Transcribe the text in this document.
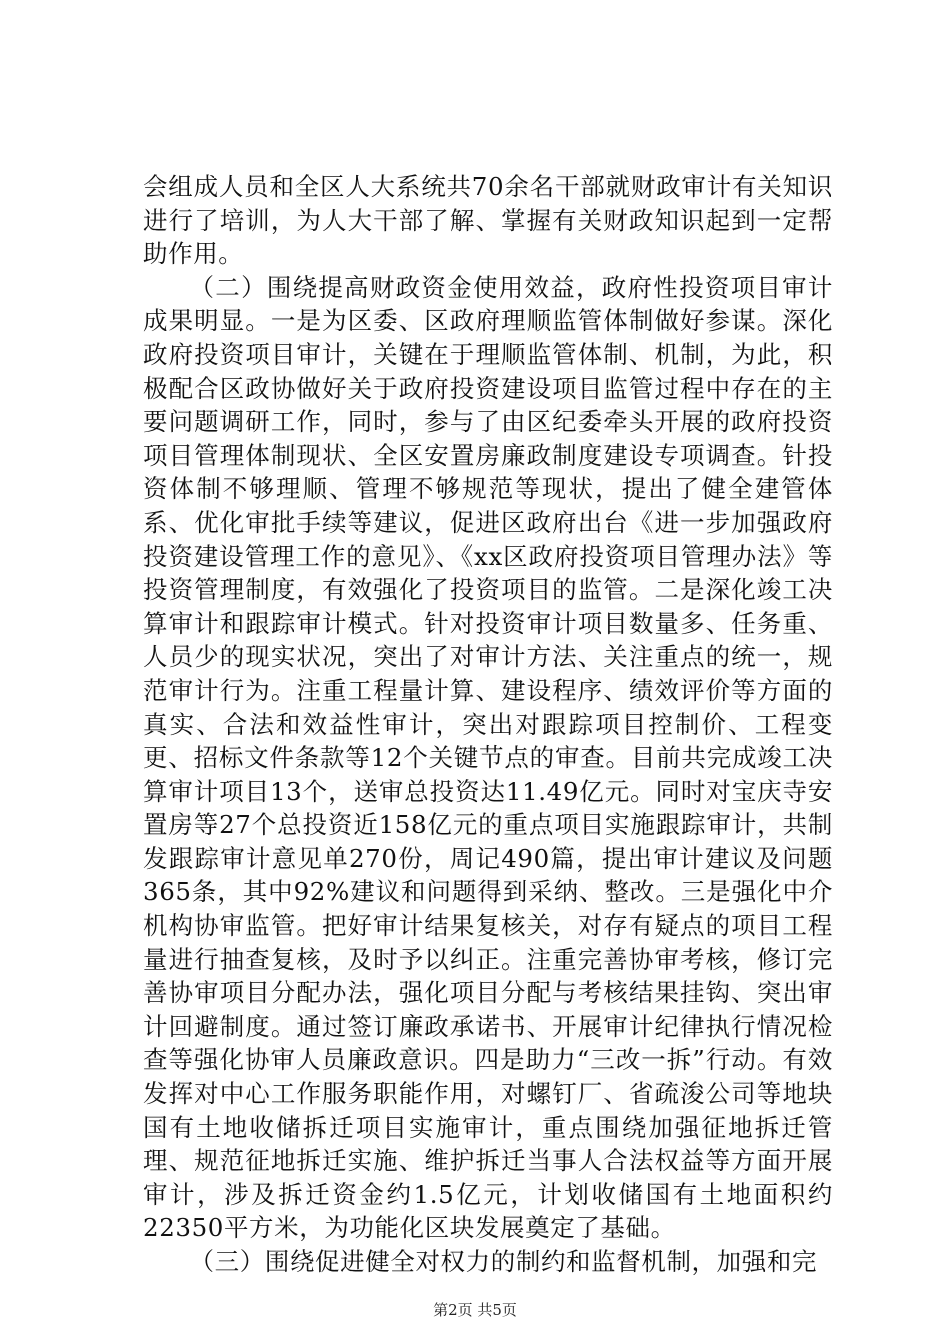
会组成人员和全区人大系统共70余名干部就财政审计有关知识进行了培训，为人大干部了解、掌握有关财政知识起到一定帮助作用。

（二）围绕提高财政资金使用效益，政府性投资项目审计成果明显。一是为区委、区政府理顺监管体制做好参谋。深化政府投资项目审计，关键在于理顺监管体制、机制，为此，积极配合区政协做好关于政府投资建设项目监管过程中存在的主要问题调研工作，同时，参与了由区纪委牵头开展的政府投资项目管理体制现状、全区安置房廉政制度建设专项调查。针投资体制不够理顺、管理不够规范等现状，提出了健全建管体系、优化审批手续等建议，促进区政府出台《进一步加强政府投资建设管理工作的意见》、《xx区政府投资项目管理办法》等投资管理制度，有效强化了投资项目的监管。二是深化竣工决算审计和跟踪审计模式。针对投资审计项目数量多、任务重、人员少的现实状况，突出了对审计方法、关注重点的统一，规范审计行为。注重工程量计算、建设程序、绩效评价等方面的真实、合法和效益性审计，突出对跟踪项目控制价、工程变更、招标文件条款等12个关键节点的审查。目前共完成竣工决算审计项目13个，送审总投资达11.49亿元。同时对宝庆寺安置房等27个总投资近158亿元的重点项目实施跟踪审计，共制发跟踪审计意见单270份，周记490篇，提出审计建议及问题365条，其中92%建议和问题得到采纳、整改。三是强化中介机构协审监管。把好审计结果复核关，对存有疑点的项目工程量进行抽查复核，及时予以纠正。注重完善协审考核，修订完善协审项目分配办法，强化项目分配与考核结果挂钩、突出审计回避制度。通过签订廉政承诺书、开展审计纪律执行情况检查等强化协审人员廉政意识。四是助力“三改一拆”行动。有效发挥对中心工作服务职能作用，对螺钉厂、省疏浚公司等地块国有土地收储拆迁项目实施审计，重点围绕加强征地拆迁管理、规范征地拆迁实施、维护拆迁当事人合法权益等方面开展审计，涉及拆迁资金约1.5亿元，计划收储国有土地面积约22350平方米，为功能化区块发展奠定了基础。

（三）围绕促进健全对权力的制约和监督机制，加强和完

第2页 共5页
